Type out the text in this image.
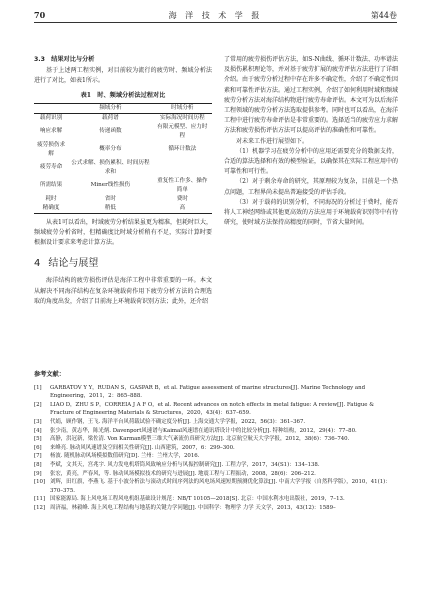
70	海 洋 技 术 学 报	第44卷
3.3　结果对比与分析

基于上述两工程实例，对目前较为流行的疲劳时、频域分析法进行了对比，如表1所示。

表1　时、频域分析法过程对比
	频域分析	时域分析
载荷识别	载荷谱	实际海况时间历程
响应求解	传递函数	有限元模型、应力时程
疲劳损伤求解	概率分布	循环计数法
疲劳寿命	公式求解、损伤累积、时间历程求和	
所需结果	Miner线性损伤	重复性工作多、操作简单
耗时	省时	费时
精确度	稍低	高

从表1可以看出，时域疲劳分析结果虽更为精准，但耗时巨大，频域疲劳分析省时，但精确度比时域分析稍有不足，实际计算时要根据设计要求来考虑计算方法。

4 结论与展望

海洋结构的疲劳损伤评估是海洋工程中非常重要的一环。本文从解决不同海洋结构在复杂环境载荷作用下疲劳分析方法的合理选取的角度出发，介绍了目前海上环境载荷识别方法；此外，还介绍

了常用的疲劳损伤评估方法，如S-N曲线、循环计数法、功率谱法及损伤累积理论等，并对基于疲劳扩展的疲劳评估方法进行了详细介绍。由于疲劳分析过程中存在许多不确定性，介绍了不确定性因素和可靠性评估方法。通过工程实例，介绍了如何利用时域和频域疲劳分析方法对海洋结构物进行疲劳寿命评估。本文可为以后海洋工程领域的疲劳分析方法选取提供参考。同时也可以看出，在海洋工程中进行疲劳寿命评估是非常重要的。选择适当的疲劳应力求解方法和疲劳损伤评估方法可以提高评估的准确性和可靠性。

对未来工作进行展望如下。

（1）机器学习在疲劳分析中的应用还需要充分的数据支持，合适的算法选择和有效的模型验证，以确保其在实际工程应用中的可靠性和可行性。

（2）对于剩余寿命的研究，其原理较为复杂，目前是一个热点问题，工程界尚未提出普遍接受的评估手段。

（3）对于载荷的识别分析，不同海况的分析过于费时，能否将人工神经网络或其他更高效的方法应用于环境载荷识别等中有待研究，使时域方法保持高精度的同时，节省大量时间。

参考文献：
[1]	GARBATOV Y Y，RUDAN S，GASPAR B，et al. Fatigue assessment of marine structures[J]. Marine Technology and Engineering，2011，2：865–888.
[2]	LIAO D，ZHU S P，CORREIA J A F O，et al. Recent advances on notch effects in metal fatigue: A review[J]. Fatigue & Fracture of Engineering Materials & Structures，2020，43(4)：637–659.
[3]	代娟，顾作钢，王飞. 海洋平台风荷载试验不确定度分析[J]. 上海交通大学学报，2022，56(3)：361–367.
[4]	张少南，黄志华，陈光炳. Davenport风速谱与Kaimal风速谱在通讯塔设计中的比较分析[J]. 特种结构，2012，29(4)：77–80.
[5]	高静，洪冠新，梁佐清. Von Karman模型三维大气紊流仿真研究方法[J]. 北京航空航天大学学报，2012，38(6)：736–740.
[6]	来峰亮. 脉动风风速谱及空间相关性研究[J]. 山西建筑，2007，6：299–300.
[7]	杨波. 随机脉动风场模拟数值研究[D]. 兰州：兰州大学，2016.
[8]	李斌，文其天，宫兆宇. 风力发电机塔筒风致响应分析与风振控制研究[J]. 工程力学，2017，34(S1)：134–138.
[9]	张宏，黄亮，严春风，等. 脉动风场模拟技术的研究与进展[J]. 地震工程与工程振动，2008，28(6)：206–212.
[10] 刘辉，田红旗，李燕飞. 基于小波分析法与滚动式时间序列法的风电场风速短期预测优化算法[J]. 中南大学学报（自然科学版），2010，41(1)：370–375.
[11] 国家能源局. 海上风电场工程风电机组基础设计规范：NB/T 10105—2018[S]. 北京：中国水利水电出版社，2019，7–13.
[12] 周济福，林毅峰. 海上风电工程结构与地基的关键力学问题[J]. 中国科学：物理学 力学 天文学，2013，43(12)：1589–
